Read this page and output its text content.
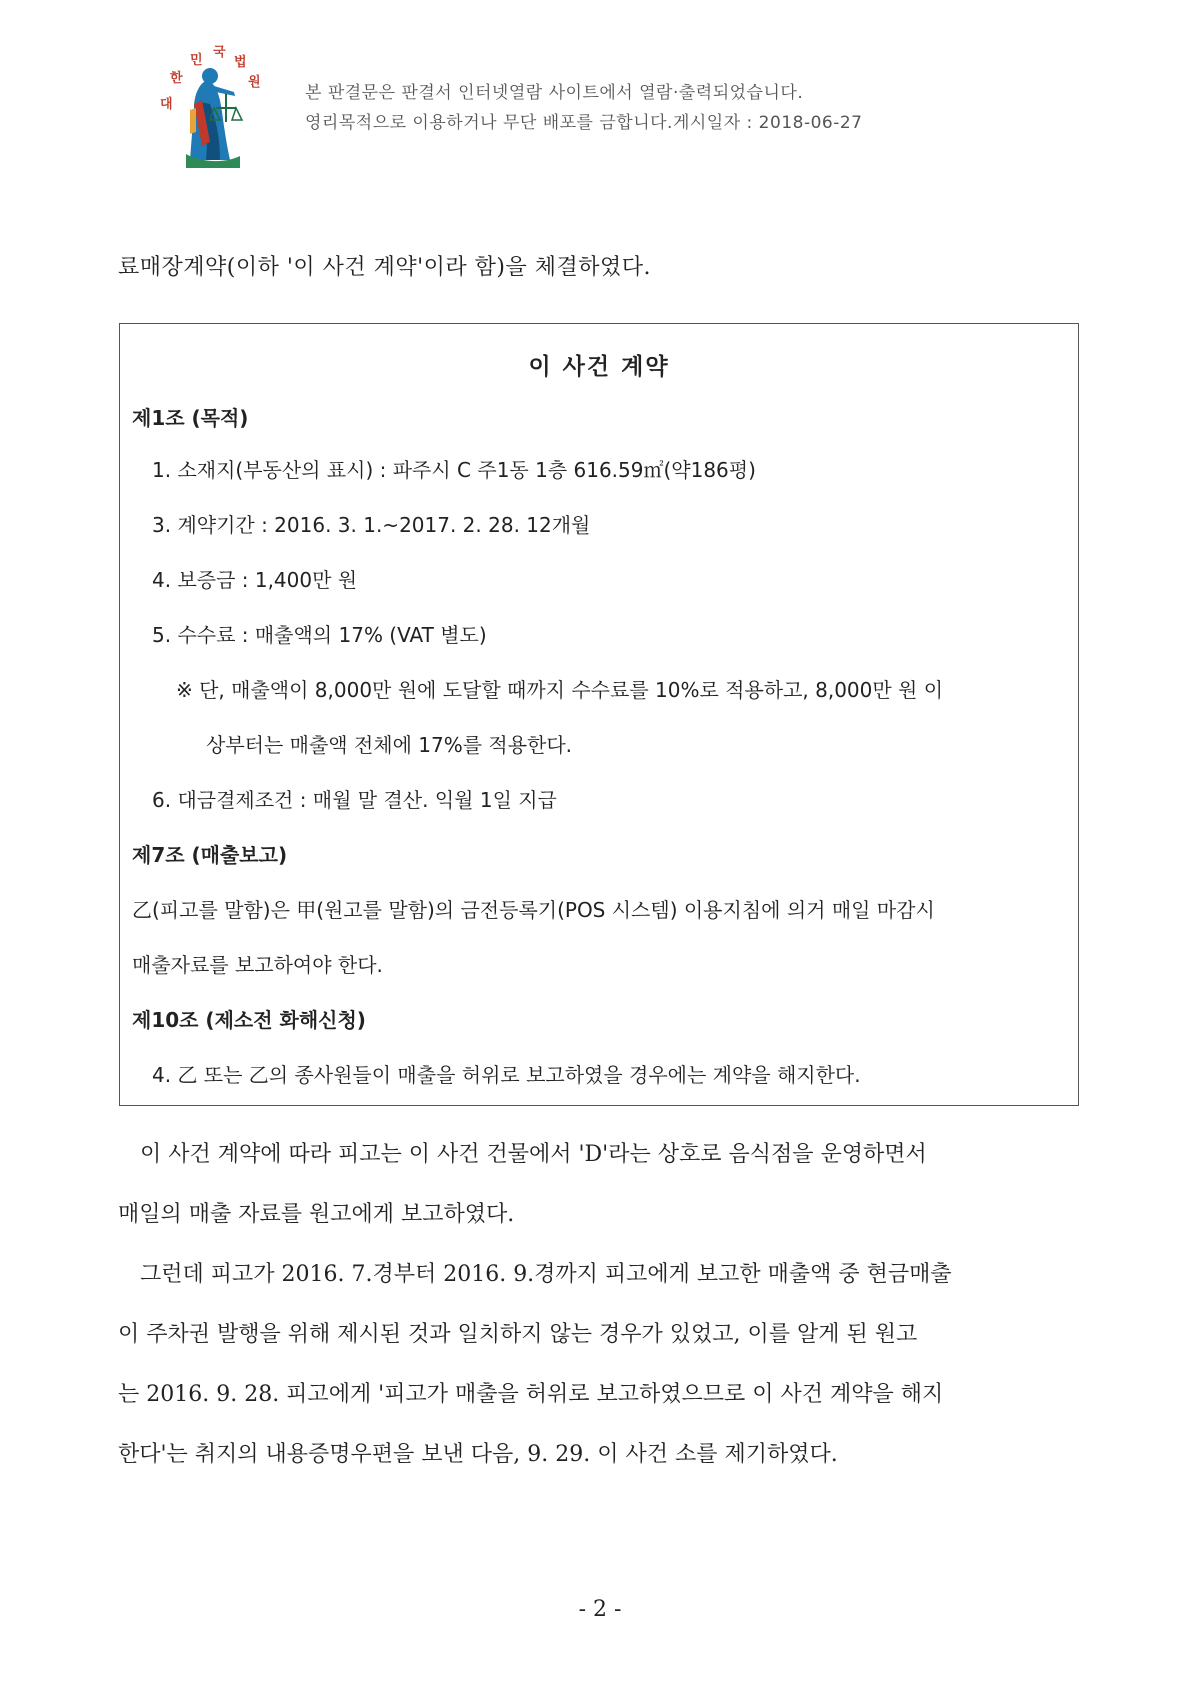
대
한
민
국
법
원
본 판결문은 판결서 인터넷열람 사이트에서 열람·출력되었습니다.
영리목적으로 이용하거나 무단 배포를 금합니다.게시일자 : 2018-06-27
료매장계약(이하 '이 사건 계약'이라 함)을 체결하였다.
이 사건 계약
제1조 (목적)
1. 소재지(부동산의 표시) : 파주시 C 주1동 1층 616.59㎡(약186평)
3. 계약기간 : 2016. 3. 1.~2017. 2. 28. 12개월
4. 보증금 : 1,400만 원
5. 수수료 : 매출액의 17% (VAT 별도)
※ 단, 매출액이 8,000만 원에 도달할 때까지 수수료를 10%로 적용하고, 8,000만 원 이
상부터는 매출액 전체에 17%를 적용한다.
6. 대금결제조건 : 매월 말 결산. 익월 1일 지급
제7조 (매출보고)
乙(피고를 말함)은 甲(원고를 말함)의 금전등록기(POS 시스템) 이용지침에 의거 매일 마감시
매출자료를 보고하여야 한다.
제10조 (제소전 화해신청)
4. 乙 또는 乙의 종사원들이 매출을 허위로 보고하였을 경우에는 계약을 해지한다.
이 사건 계약에 따라 피고는 이 사건 건물에서 'D'라는 상호로 음식점을 운영하면서
매일의 매출 자료를 원고에게 보고하였다.
그런데 피고가 2016. 7.경부터 2016. 9.경까지 피고에게 보고한 매출액 중 현금매출
이 주차권 발행을 위해 제시된 것과 일치하지 않는 경우가 있었고, 이를 알게 된 원고
는 2016. 9. 28. 피고에게 '피고가 매출을 허위로 보고하였으므로 이 사건 계약을 해지
한다'는 취지의 내용증명우편을 보낸 다음, 9. 29. 이 사건 소를 제기하였다.
- 2 -
